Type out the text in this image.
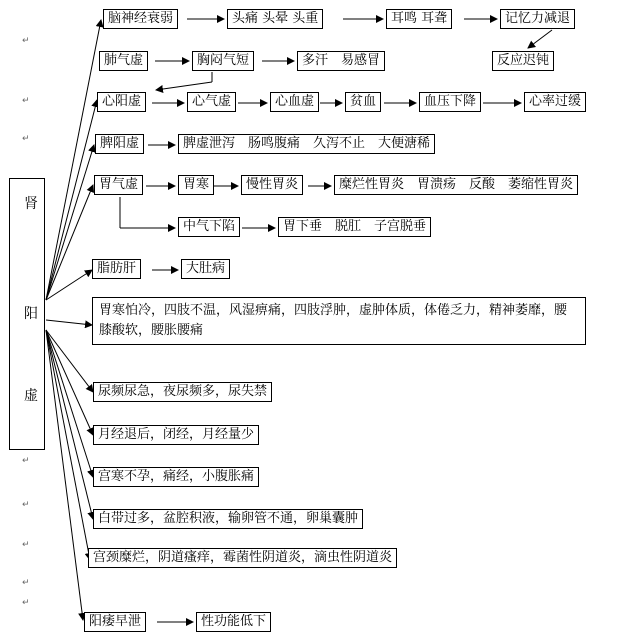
肾
阳
虚
脑神经衰弱	头痛 头晕 头重	耳鸣 耳聋	记忆力减退
反应迟钝
肺气虚	胸闷气短	多汗　易感冒
心阳虚	心气虚	心血虚	贫血	血压下降	心率过缓
脾阳虚	脾虚泄泻　肠鸣腹痛　久泻不止　大便溏稀
胃气虚	胃寒	慢性胃炎	糜烂性胃炎　胃溃疡　反酸　萎缩性胃炎
中气下陷	胃下垂　脱肛　子宫脱垂
脂肪肝	大肚病
胃寒怕冷，四肢不温，风湿痹痛，四肢浮肿，虚肿体质，体倦乏力，精神萎靡，腰膝酸软，腰胀腰痛
尿频尿急，夜尿频多，尿失禁
月经退后，闭经，月经量少
宫寒不孕，痛经，小腹胀痛
白带过多，盆腔积液，输卵管不通，卵巢囊肿
宫颈糜烂，阴道瘙痒，霉菌性阴道炎，滴虫性阴道炎
阳痿早泄	性功能低下
↵
↵
↵
↵
↵
↵
↵
↵
